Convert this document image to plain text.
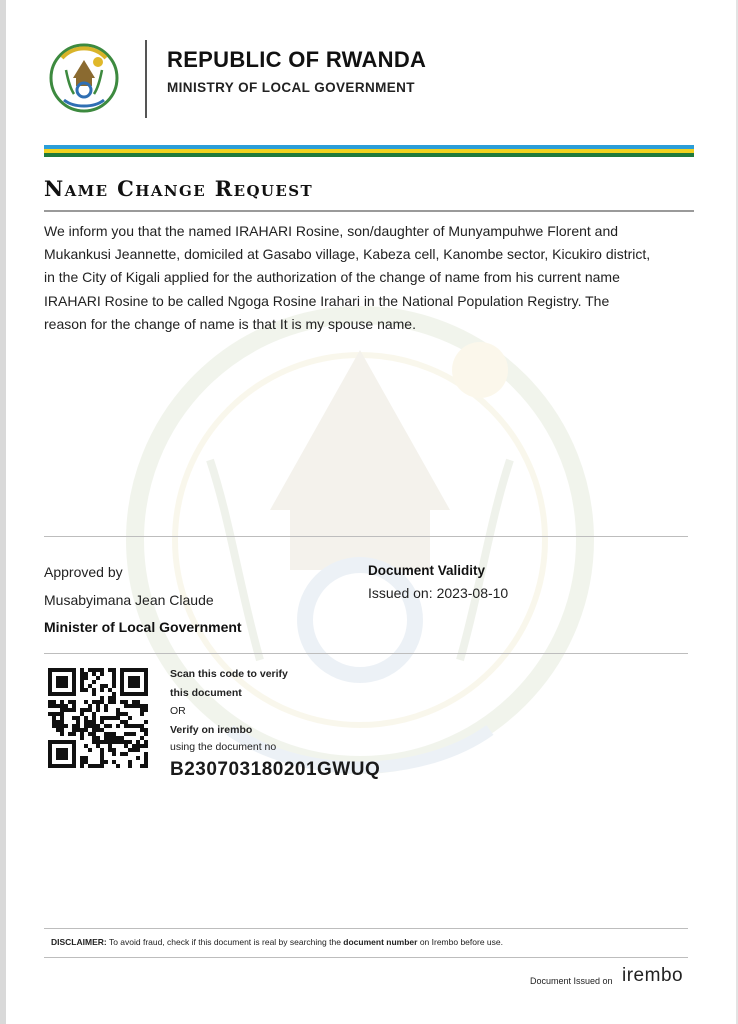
REPUBLIC OF RWANDA
MINISTRY OF LOCAL GOVERNMENT
Name Change Request
We inform you that the named IRAHARI Rosine, son/daughter of Munyampuhwe Florent and
Mukankusi Jeannette, domiciled at Gasabo village, Kabeza cell, Kanombe sector, Kicukiro district,
in the City of Kigali applied for the authorization of the change of name from his current name
IRAHARI Rosine to be called Ngoga Rosine Irahari in the National Population Registry. The
reason for the change of name is that It is my spouse name.
Approved by
Musabyimana Jean Claude
Minister of Local Government
Document Validity
Issued on: 2023-08-10
Scan this code to verify
this document
OR
Verify on irembo
using the document no
B230703180201GWUQ
DISCLAIMER: To avoid fraud, check if this document is real by searching the document number on Irembo before use.
Document Issued on irembo
